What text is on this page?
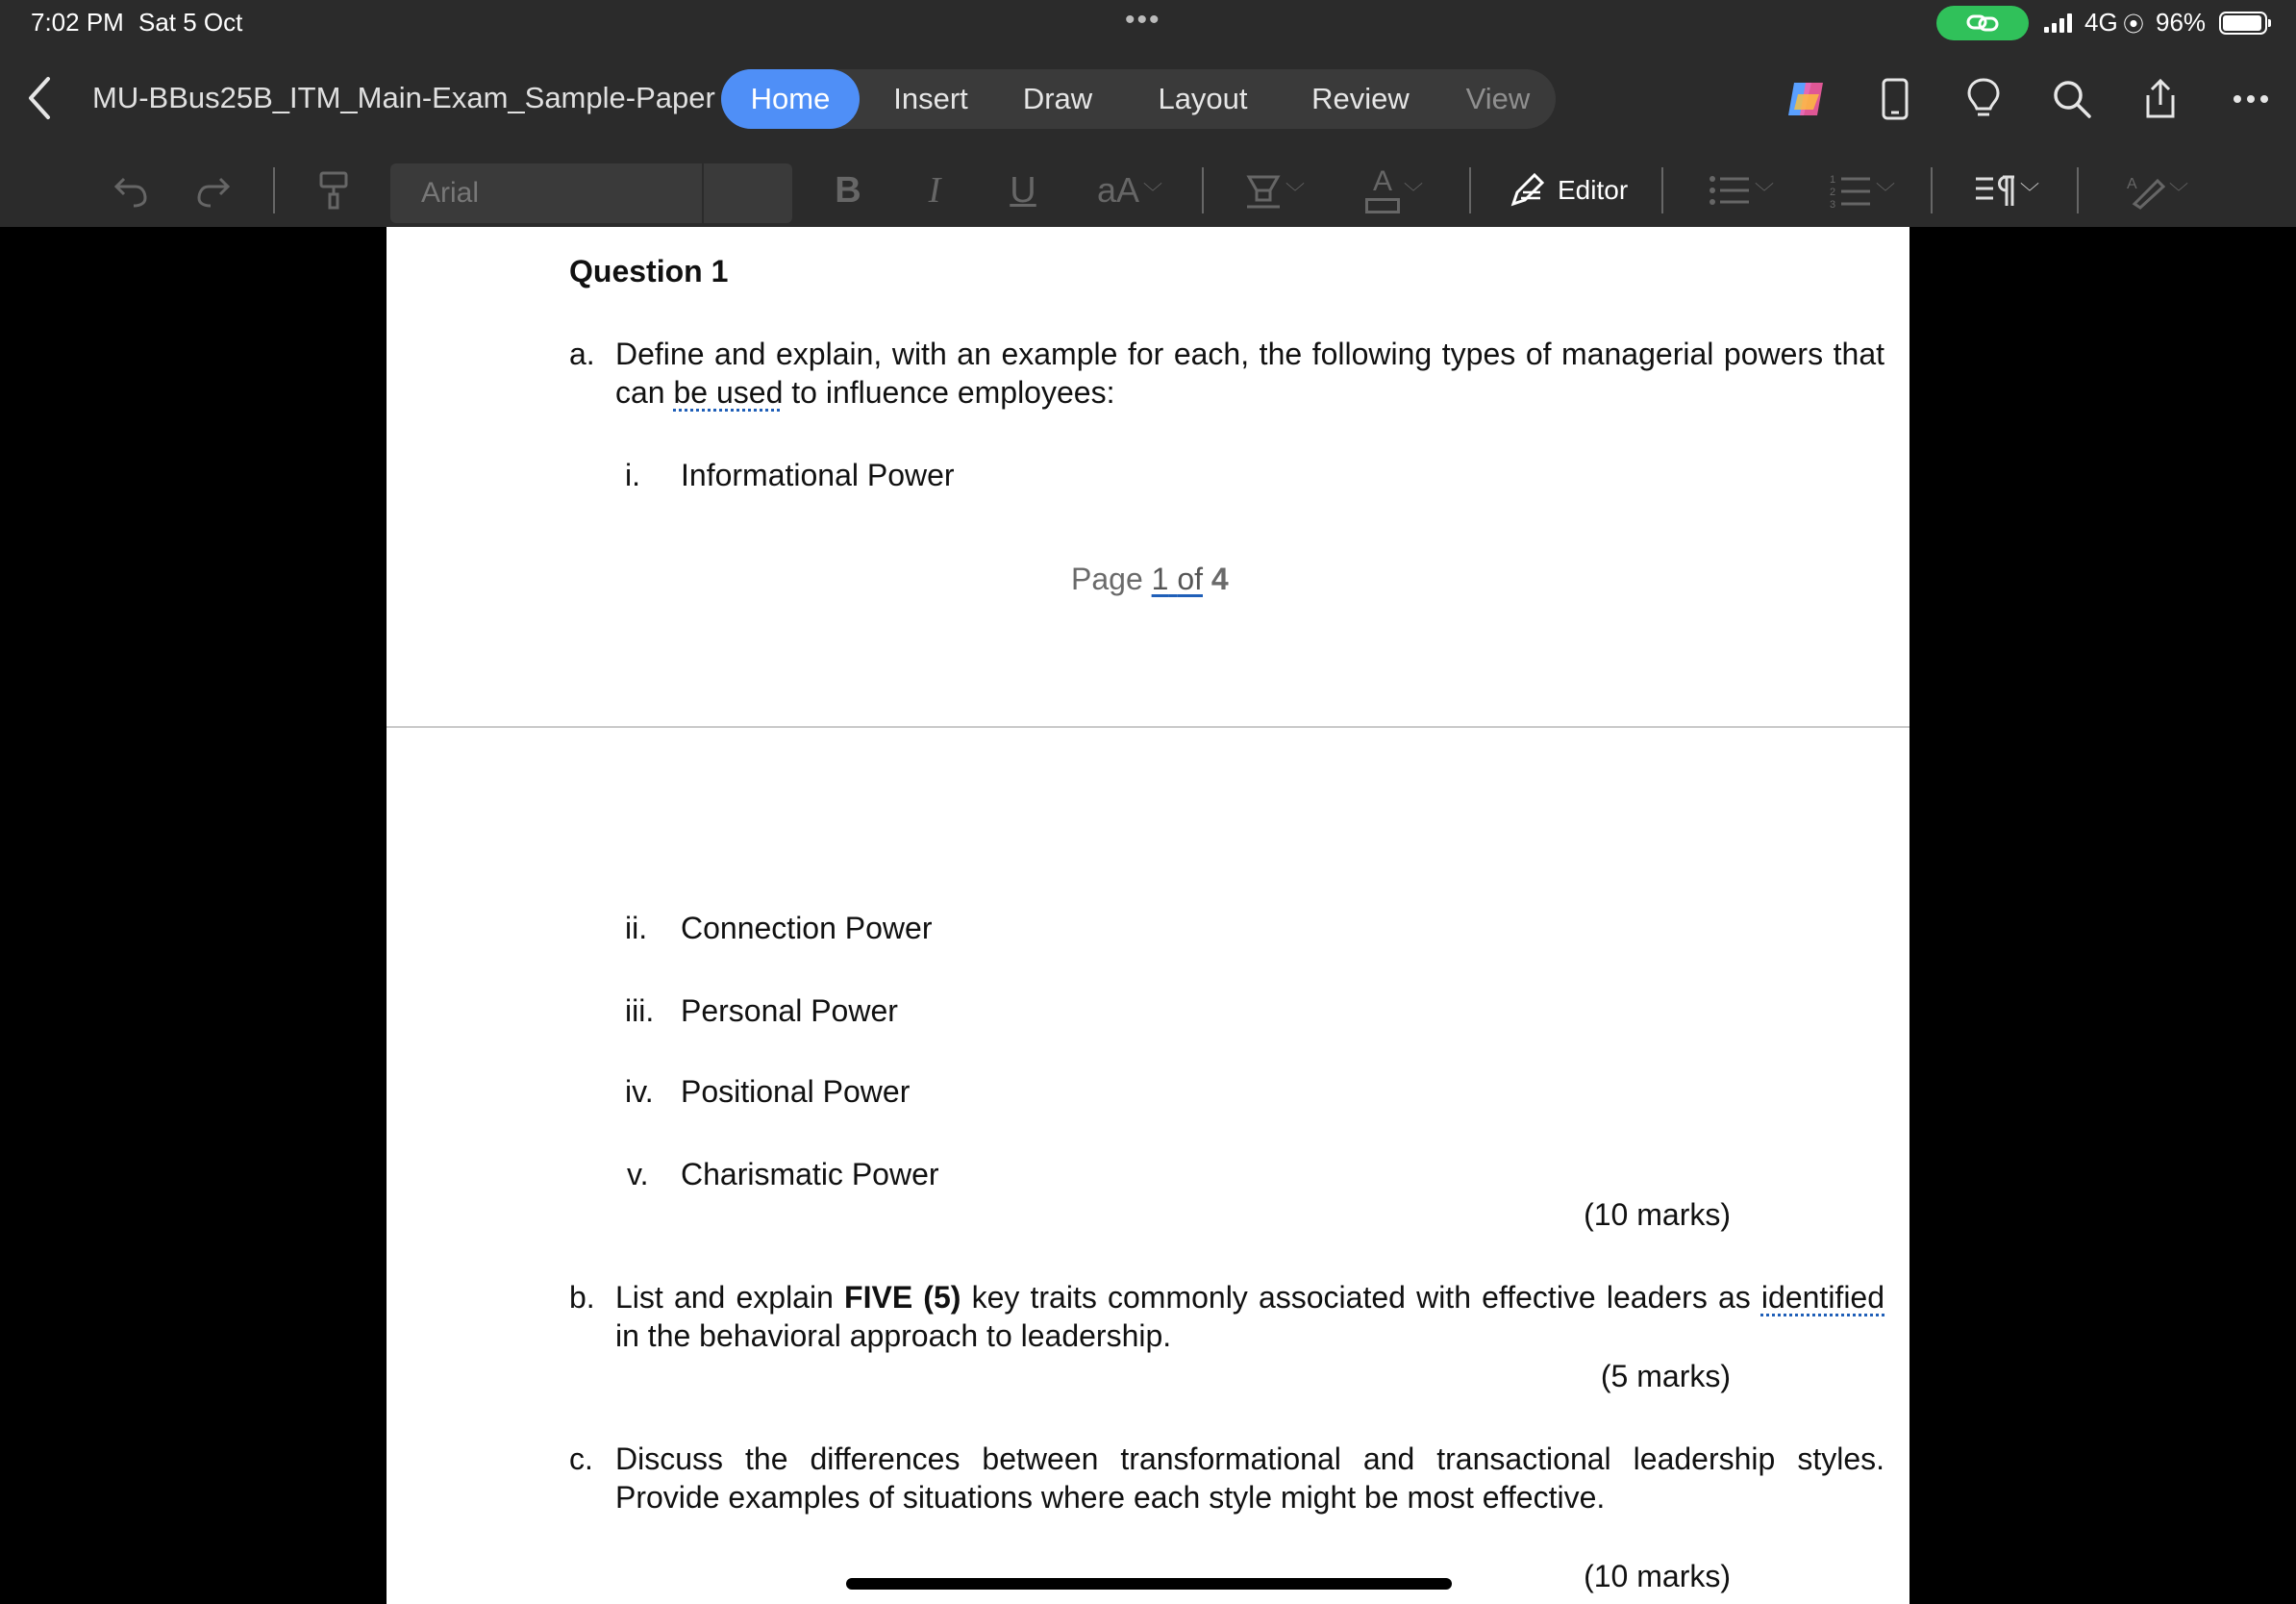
7:02 PM Sat 5 Oct	•••	4G ⦿ 96%
MU-BBus25B_ITM_Main-Exam_Sample-Paper	Home	Insert	Draw	Layout	Review	View
Arial	B	I	U aA ﹀	﹀ A ﹀	Editor	﹀
1
2
3
﹀	﹀	A ﹀
Question 1
a. Define and explain, with an example for each, the following types of managerial powers that can be used to influence employees:
i. Informational Power
Page 1 of 4
ii. Connection Power
iii. Personal Power
iv. Positional Power
v. Charismatic Power
(10 marks)
b. List and explain FIVE (5) key traits commonly associated with effective leaders as identified in the behavioral approach to leadership.
(5 marks)
c. Discuss the differences between transformational and transactional leadership styles. Provide examples of situations where each style might be most effective.
(10 marks)
